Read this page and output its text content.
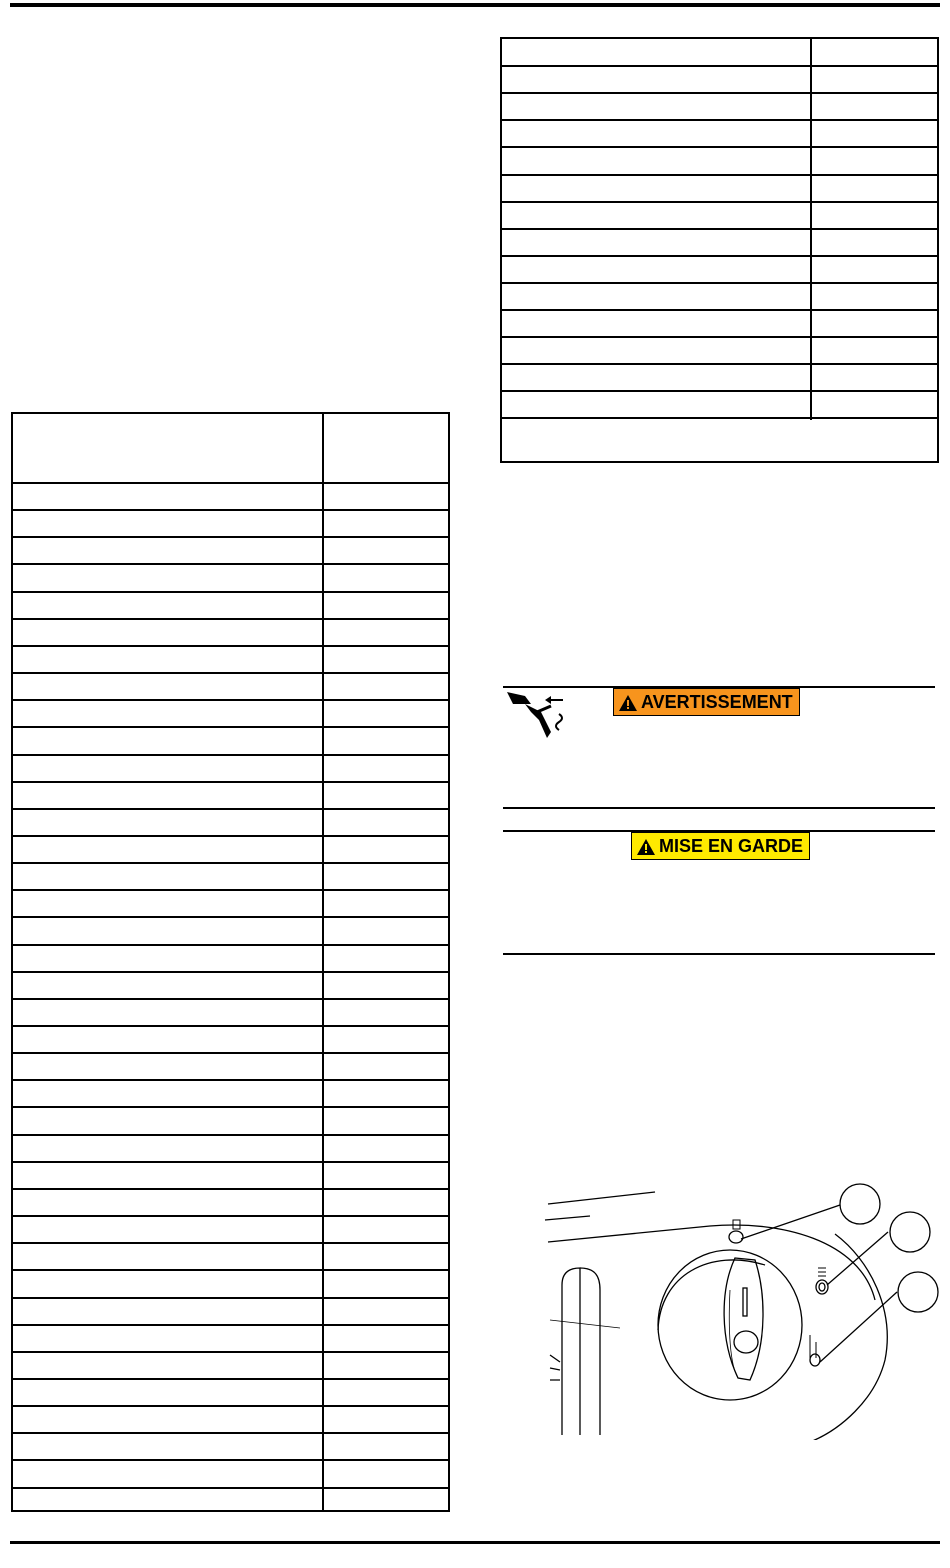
AVERTISSEMENT
MISE EN GARDE
